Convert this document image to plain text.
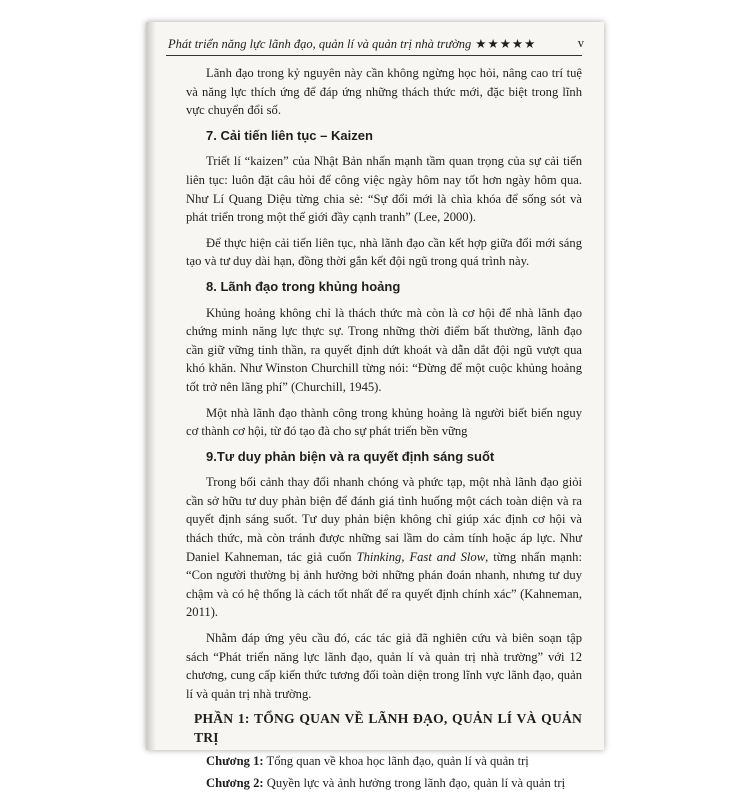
Phát triển năng lực lãnh đạo, quản lí và quản trị nhà trường ★★★★★	v

Lãnh đạo trong kỷ nguyên này cần không ngừng học hỏi, nâng cao trí tuệ và năng lực thích ứng để đáp ứng những thách thức mới, đặc biệt trong lĩnh vực chuyển đổi số.

7. Cải tiến liên tục – Kaizen

Triết lí “kaizen” của Nhật Bản nhấn mạnh tầm quan trọng của sự cải tiến liên tục: luôn đặt câu hỏi để công việc ngày hôm nay tốt hơn ngày hôm qua. Như Lí Quang Diệu từng chia sẻ: “Sự đổi mới là chìa khóa để sống sót và phát triển trong một thế giới đầy cạnh tranh” (Lee, 2000).

Để thực hiện cải tiến liên tục, nhà lãnh đạo cần kết hợp giữa đổi mới sáng tạo và tư duy dài hạn, đồng thời gắn kết đội ngũ trong quá trình này.

8. Lãnh đạo trong khủng hoảng

Khủng hoảng không chỉ là thách thức mà còn là cơ hội để nhà lãnh đạo chứng minh năng lực thực sự. Trong những thời điểm bất thường, lãnh đạo cần giữ vững tinh thần, ra quyết định dứt khoát và dẫn dắt đội ngũ vượt qua khó khăn. Như Winston Churchill từng nói: “Đừng để một cuộc khủng hoảng tốt trở nên lãng phí” (Churchill, 1945).

Một nhà lãnh đạo thành công trong khủng hoảng là người biết biến nguy cơ thành cơ hội, từ đó tạo đà cho sự phát triển bền vững

9.Tư duy phản biện và ra quyết định sáng suốt

Trong bối cảnh thay đổi nhanh chóng và phức tạp, một nhà lãnh đạo giỏi cần sở hữu tư duy phản biện để đánh giá tình huống một cách toàn diện và ra quyết định sáng suốt. Tư duy phản biện không chỉ giúp xác định cơ hội và thách thức, mà còn tránh được những sai lầm do cảm tính hoặc áp lực. Như Daniel Kahneman, tác giả cuốn Thinking, Fast and Slow, từng nhấn mạnh: “Con người thường bị ảnh hưởng bởi những phán đoán nhanh, nhưng tư duy chậm và có hệ thống là cách tốt nhất để ra quyết định chính xác” (Kahneman, 2011).

Nhằm đáp ứng yêu cầu đó, các tác giả đã nghiên cứu và biên soạn tập sách “Phát triển năng lực lãnh đạo, quản lí và quản trị nhà trường” với 12 chương, cung cấp kiến thức tương đối toàn diện trong lĩnh vực lãnh đạo, quản lí và quản trị nhà trường.

PHẦN 1: TỔNG QUAN VỀ LÃNH ĐẠO, QUẢN LÍ VÀ QUẢN TRỊ
Chương 1: Tổng quan về khoa học lãnh đạo, quản lí và quản trị
Chương 2: Quyền lực và ảnh hưởng trong lãnh đạo, quản lí và quản trị
